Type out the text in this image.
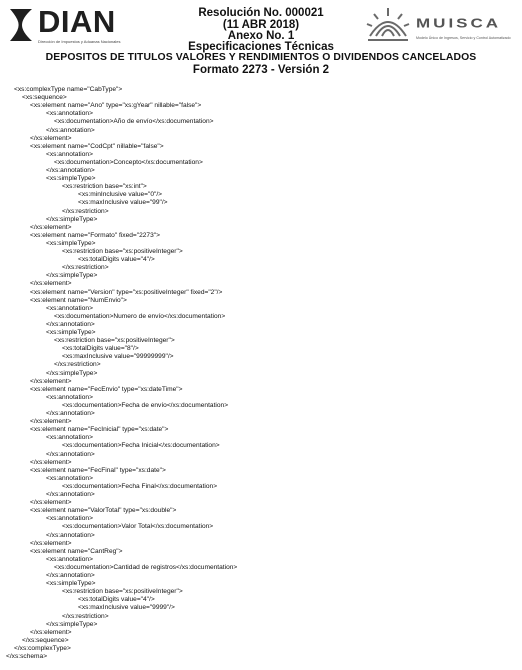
DIAN
Dirección de Impuestos y Aduanas Nacionales
Resolución No. 000021
(11 ABR 2018)
Anexo No. 1
Especificaciones Técnicas
DEPOSITOS DE TITULOS VALORES Y RENDIMIENTOS O DIVIDENDOS CANCELADOS
Formato 2273 - Versión 2
MUISCA
Modelo Único de Ingresos, Servicio y Control Automatizado
<xs:complexType name="CabType">
<xs:sequence>
<xs:element name="Ano" type="xs:gYear" nillable="false">
<xs:annotation>
<xs:documentation>Año de envío</xs:documentation>
</xs:annotation>
</xs:element>
<xs:element name="CodCpt" nillable="false">
<xs:annotation>
<xs:documentation>Concepto</xs:documentation>
</xs:annotation>
<xs:simpleType>
<xs:restriction base="xs:int">
<xs:minInclusive value="0"/>
<xs:maxInclusive value="99"/>
</xs:restriction>
</xs:simpleType>
</xs:element>
<xs:element name="Formato" fixed="2273">
<xs:simpleType>
<xs:restriction base="xs:positiveInteger">
<xs:totalDigits value="4"/>
</xs:restriction>
</xs:simpleType>
</xs:element>
<xs:element name="Version" type="xs:positiveInteger" fixed="2"/>
<xs:element name="NumEnvio">
<xs:annotation>
<xs:documentation>Numero de envío</xs:documentation>
</xs:annotation>
<xs:simpleType>
<xs:restriction base="xs:positiveInteger">
<xs:totalDigits value="8"/>
<xs:maxInclusive value="99999999"/>
</xs:restriction>
</xs:simpleType>
</xs:element>
<xs:element name="FecEnvio" type="xs:dateTime">
<xs:annotation>
<xs:documentation>Fecha de envío</xs:documentation>
</xs:annotation>
</xs:element>
<xs:element name="FecInicial" type="xs:date">
<xs:annotation>
<xs:documentation>Fecha Inicial</xs:documentation>
</xs:annotation>
</xs:element>
<xs:element name="FecFinal" type="xs:date">
<xs:annotation>
<xs:documentation>Fecha Final</xs:documentation>
</xs:annotation>
</xs:element>
<xs:element name="ValorTotal" type="xs:double">
<xs:annotation>
<xs:documentation>Valor Total</xs:documentation>
</xs:annotation>
</xs:element>
<xs:element name="CantReg">
<xs:annotation>
<xs:documentation>Cantidad de registros</xs:documentation>
</xs:annotation>
<xs:simpleType>
<xs:restriction base="xs:positiveInteger">
<xs:totalDigits value="4"/>
<xs:maxInclusive value="9999"/>
</xs:restriction>
</xs:simpleType>
</xs:element>
</xs:sequence>
</xs:complexType>
</xs:schema>
